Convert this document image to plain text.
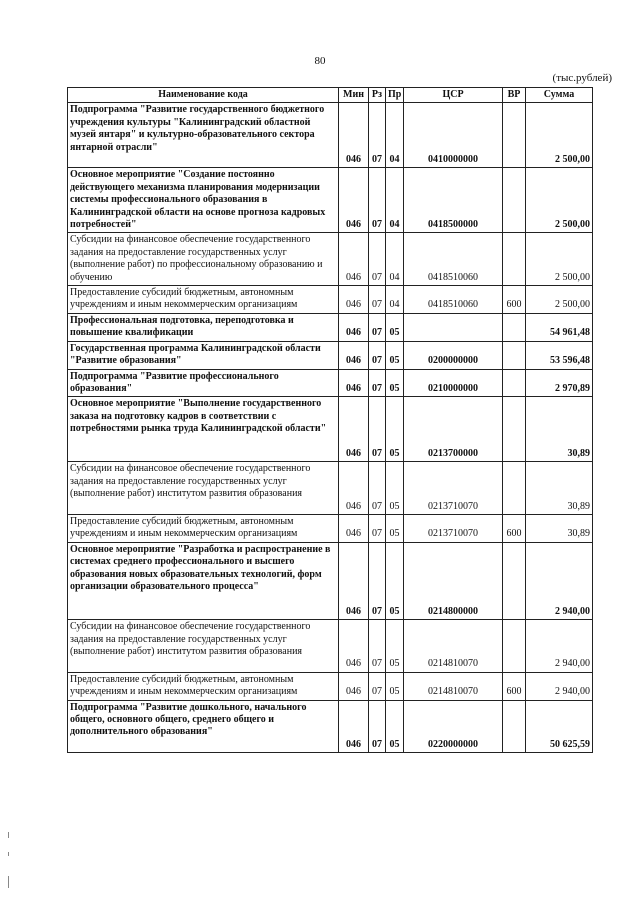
80
(тыс.рублей)
Наименование кода	Мин	Рз	Пр	ЦСР	ВР	Сумма
Подпрограмма "Развитие государственного бюджетного учреждения культуры "Калининградский областной музей янтаря" и культурно-образовательного сектора янтарной отрасли"	046	07	04	0410000000		2 500,00
Основное мероприятие "Создание постоянно действующего механизма планирования модернизации системы профессионального образования в Калининградской области на основе прогноза кадровых потребностей"	046	07	04	0418500000		2 500,00
Субсидии на финансовое обеспечение государственного задания на предоставление государственных услуг (выполнение работ) по профессиональному образованию и обучению	046	07	04	0418510060		2 500,00
Предоставление субсидий бюджетным, автономным учреждениям и иным некоммерческим организациям	046	07	04	0418510060	600	2 500,00
Профессиональная подготовка, переподготовка и повышение квалификации	046	07	05			54 961,48
Государственная программа Калининградской области "Развитие образования"	046	07	05	0200000000		53 596,48
Подпрограмма "Развитие профессионального образования"	046	07	05	0210000000		2 970,89
Основное мероприятие "Выполнение государственного заказа на подготовку кадров в соответствии с потребностями рынка труда Калининградской области"	046	07	05	0213700000		30,89
Субсидии на финансовое обеспечение государственного задания на предоставление государственных услуг (выполнение работ) институтом развития образования	046	07	05	0213710070		30,89
Предоставление субсидий бюджетным, автономным учреждениям и иным некоммерческим организациям	046	07	05	0213710070	600	30,89
Основное мероприятие "Разработка и распространение в системах среднего профессионального и высшего образования новых образовательных технологий, форм организации образовательного процесса"	046	07	05	0214800000		2 940,00
Субсидии на финансовое обеспечение государственного задания на предоставление государственных услуг (выполнение работ) институтом развития образования	046	07	05	0214810070		2 940,00
Предоставление субсидий бюджетным, автономным учреждениям и иным некоммерческим организациям	046	07	05	0214810070	600	2 940,00
Подпрограмма "Развитие дошкольного, начального общего, основного общего, среднего общего и дополнительного образования"	046	07	05	0220000000		50 625,59
